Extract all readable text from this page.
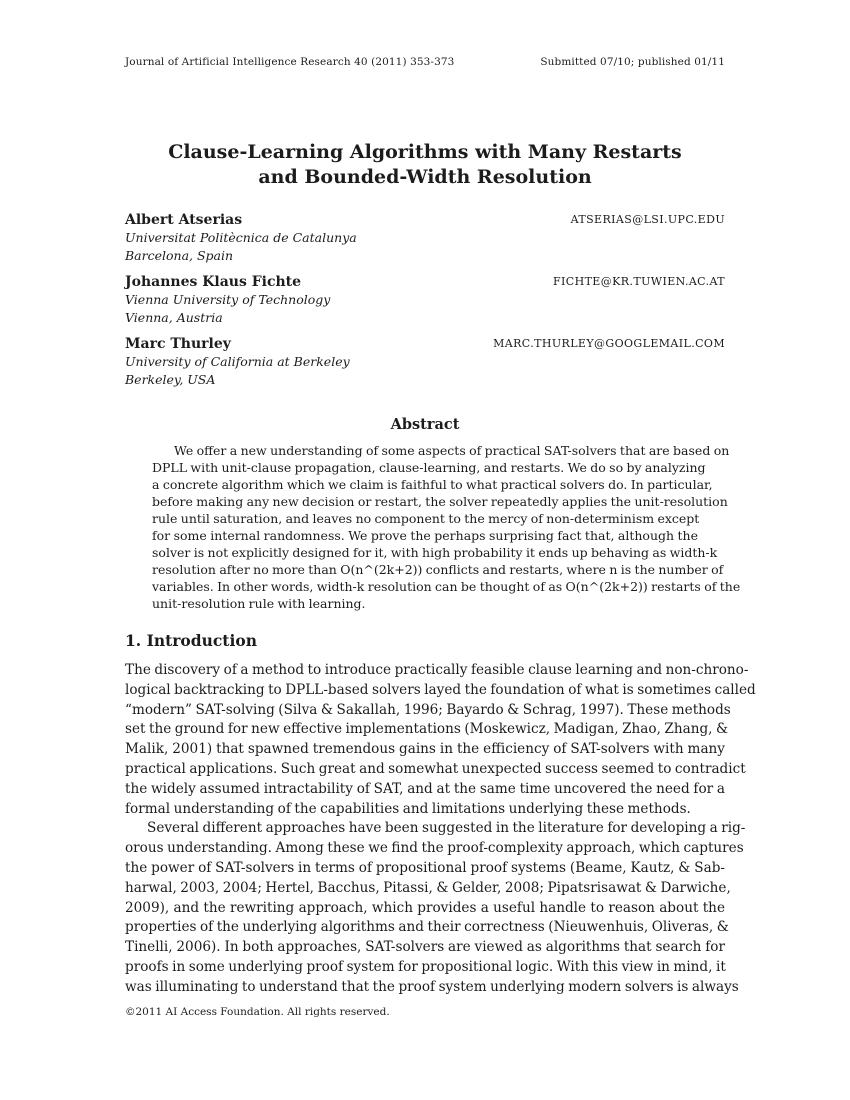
Journal of Artificial Intelligence Research 40 (2011) 353-373	Submitted 07/10; published 01/11
Clause-Learning Algorithms with Many Restarts
and Bounded-Width Resolution
Albert Atserias	ATSERIAS@LSI.UPC.EDU
Universitat Politècnica de Catalunya
Barcelona, Spain
Johannes Klaus Fichte	FICHTE@KR.TUWIEN.AC.AT
Vienna University of Technology
Vienna, Austria
Marc Thurley	MARC.THURLEY@GOOGLEMAIL.COM
University of California at Berkeley
Berkeley, USA
Abstract
We offer a new understanding of some aspects of practical SAT-solvers that are based on
DPLL with unit-clause propagation, clause-learning, and restarts. We do so by analyzing
a concrete algorithm which we claim is faithful to what practical solvers do. In particular,
before making any new decision or restart, the solver repeatedly applies the unit-resolution
rule until saturation, and leaves no component to the mercy of non-determinism except
for some internal randomness. We prove the perhaps surprising fact that, although the
solver is not explicitly designed for it, with high probability it ends up behaving as width-k
resolution after no more than O(n^(2k+2)) conflicts and restarts, where n is the number of
variables. In other words, width-k resolution can be thought of as O(n^(2k+2)) restarts of the
unit-resolution rule with learning.
1. Introduction
The discovery of a method to introduce practically feasible clause learning and non-chrono-
logical backtracking to DPLL-based solvers layed the foundation of what is sometimes called
“modern” SAT-solving (Silva & Sakallah, 1996; Bayardo & Schrag, 1997). These methods
set the ground for new effective implementations (Moskewicz, Madigan, Zhao, Zhang, &
Malik, 2001) that spawned tremendous gains in the efficiency of SAT-solvers with many
practical applications. Such great and somewhat unexpected success seemed to contradict
the widely assumed intractability of SAT, and at the same time uncovered the need for a
formal understanding of the capabilities and limitations underlying these methods.
Several different approaches have been suggested in the literature for developing a rig-
orous understanding. Among these we find the proof-complexity approach, which captures
the power of SAT-solvers in terms of propositional proof systems (Beame, Kautz, & Sab-
harwal, 2003, 2004; Hertel, Bacchus, Pitassi, & Gelder, 2008; Pipatsrisawat & Darwiche,
2009), and the rewriting approach, which provides a useful handle to reason about the
properties of the underlying algorithms and their correctness (Nieuwenhuis, Oliveras, &
Tinelli, 2006). In both approaches, SAT-solvers are viewed as algorithms that search for
proofs in some underlying proof system for propositional logic. With this view in mind, it
was illuminating to understand that the proof system underlying modern solvers is always
©2011 AI Access Foundation. All rights reserved.
